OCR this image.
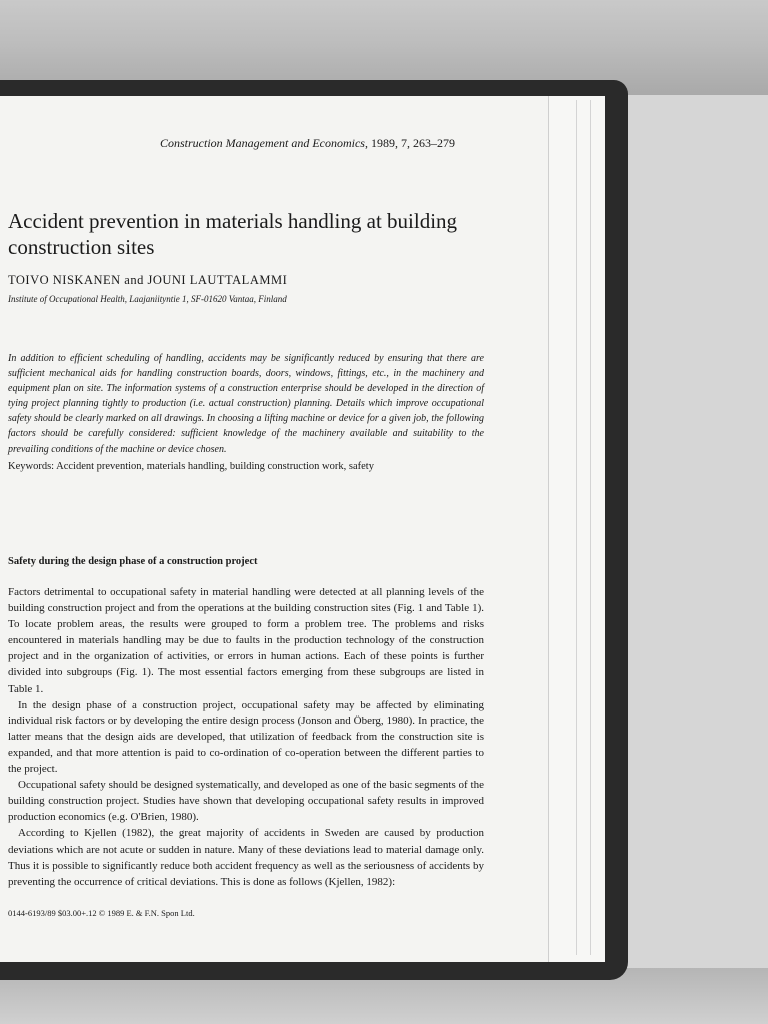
Construction Management and Economics, 1989, 7, 263–279
Accident prevention in materials handling at building construction sites
TOIVO NISKANEN and JOUNI LAUTTALAMMI
Institute of Occupational Health, Laajaniityntie 1, SF-01620 Vantaa, Finland

In addition to efficient scheduling of handling, accidents may be significantly reduced by ensuring that there are sufficient mechanical aids for handling construction boards, doors, windows, fittings, etc., in the machinery and equipment plan on site. The information systems of a construction enterprise should be developed in the direction of tying project planning tightly to production (i.e. actual construction) planning. Details which improve occupational safety should be clearly marked on all drawings. In choosing a lifting machine or device for a given job, the following factors should be carefully considered: sufficient knowledge of the machinery available and suitability to the prevailing conditions of the machine or device chosen.

Keywords: Accident prevention, materials handling, building construction work, safety
Safety during the design phase of a construction project

Factors detrimental to occupational safety in material handling were detected at all planning levels of the building construction project and from the operations at the building construction sites (Fig. 1 and Table 1). To locate problem areas, the results were grouped to form a problem tree. The problems and risks encountered in materials handling may be due to faults in the production technology of the construction project and in the organization of activities, or errors in human actions. Each of these points is further divided into subgroups (Fig. 1). The most essential factors emerging from these subgroups are listed in Table 1.

In the design phase of a construction project, occupational safety may be affected by eliminating individual risk factors or by developing the entire design process (Jonson and Öberg, 1980). In practice, the latter means that the design aids are developed, that utilization of feedback from the construction site is expanded, and that more attention is paid to co-ordination of co-operation between the different parties to the project.

Occupational safety should be designed systematically, and developed as one of the basic segments of the building construction project. Studies have shown that developing occupational safety results in improved production economics (e.g. O'Brien, 1980).

According to Kjellen (1982), the great majority of accidents in Sweden are caused by production deviations which are not acute or sudden in nature. Many of these deviations lead to material damage only. Thus it is possible to significantly reduce both accident frequency as well as the seriousness of accidents by preventing the occurrence of critical deviations. This is done as follows (Kjellen, 1982):

0144-6193/89 $03.00+.12 © 1989 E. & F.N. Spon Ltd.
